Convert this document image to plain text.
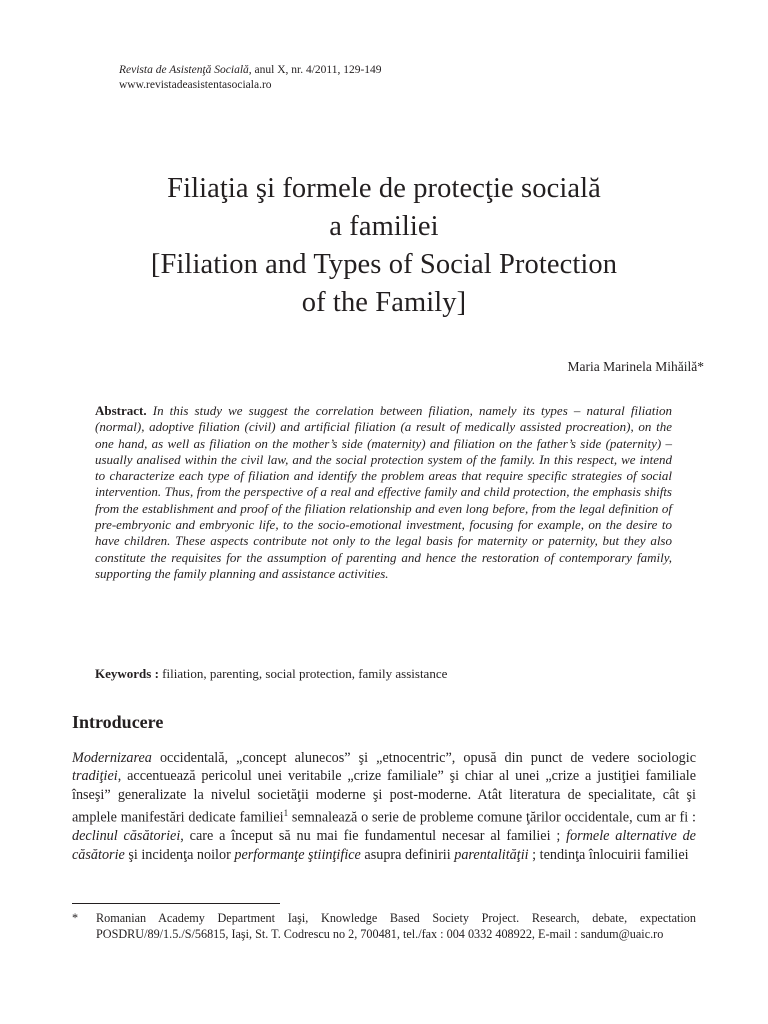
Revista de Asistenţă Socială, anul X, nr. 4/2011, 129-149
www.revistadeasistentasociala.ro
Filiaţia şi formele de protecţie socială
a familiei
[Filiation and Types of Social Protection
of the Family]
Maria Marinela Mihăilă*

Abstract. In this study we suggest the correlation between filiation, namely its types – natural filiation (normal), adoptive filiation (civil) and artificial filiation (a result of medically assisted procreation), on the one hand, as well as filiation on the mother’s side (maternity) and filiation on the father’s side (paternity) – usually analised within the civil law, and the social protection system of the family. In this respect, we intend to characterize each type of filiation and identify the problem areas that require specific strategies of social intervention. Thus, from the perspective of a real and effective family and child protection, the emphasis shifts from the establishment and proof of the filiation relationship and even long before, from the legal definition of pre-embryonic and embryonic life, to the socio-emotional investment, focusing for example, on the desire to have children. These aspects contribute not only to the legal basis for maternity or paternity, but they also constitute the requisites for the assumption of parenting and hence the restoration of contemporary family, supporting the family planning and assistance activities.

Keywords : filiation, parenting, social protection, family assistance

Introducere

Modernizarea occidentală, „concept alunecos” şi „etnocentric”, opusă din punct de vedere sociologic tradiţiei, accentuează pericolul unei veritabile „crize familiale” şi chiar al unei „crize a justiţiei familiale înseşi” generalizate la nivelul societăţii moderne şi post-moderne. Atât literatura de specialitate, cât şi amplele manifestări dedicate familiei$^1$ semnalează o serie de probleme comune ţărilor occidentale, cum ar fi : declinul căsătoriei, care a început să nu mai fie fundamentul necesar al familiei ; formele alternative de căsătorie şi incidenţa noilor performanţe ştiinţifice asupra definirii parentalităţii ; tendinţa înlocuirii familiei

* Romanian Academy Department Iaşi, Knowledge Based Society Project. Research, debate, expectation POSDRU/89/1.5./S/56815, Iaşi, St. T. Codrescu no 2, 700481, tel./fax : 004 0332 408922, E-mail : sandum@uaic.ro
